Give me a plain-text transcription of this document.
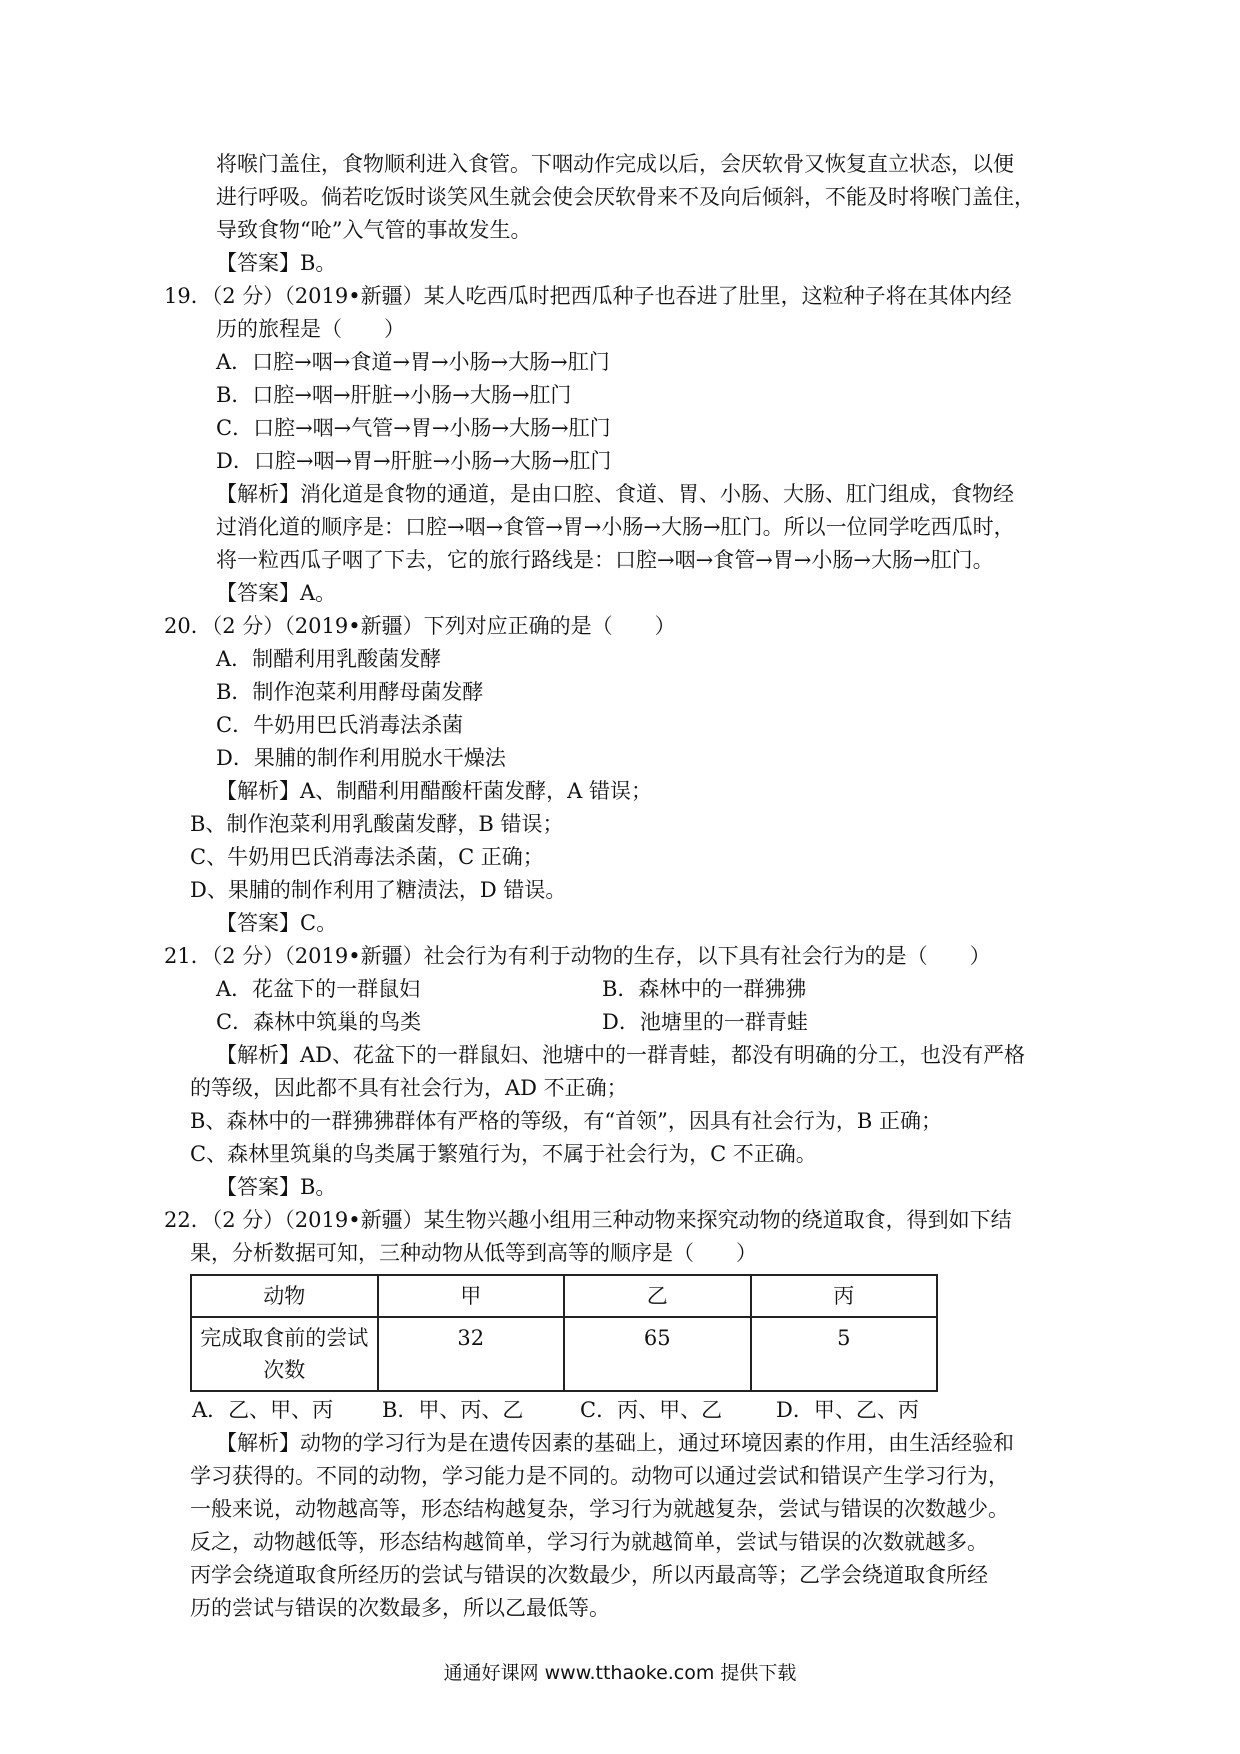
将喉门盖住，食物顺利进入食管。下咽动作完成以后，会厌软骨又恢复直立状态，以便
进行呼吸。倘若吃饭时谈笑风生就会使会厌软骨来不及向后倾斜，不能及时将喉门盖住，
导致食物“呛”入气管的事故发生。
【答案】B。
19．（2 分）（2019•新疆）某人吃西瓜时把西瓜种子也吞进了肚里，这粒种子将在其体内经
历的旅程是（　　）
A．口腔→咽→食道→胃→小肠→大肠→肛门
B．口腔→咽→肝脏→小肠→大肠→肛门
C．口腔→咽→气管→胃→小肠→大肠→肛门
D．口腔→咽→胃→肝脏→小肠→大肠→肛门
【解析】消化道是食物的通道，是由口腔、食道、胃、小肠、大肠、肛门组成，食物经
过消化道的顺序是：口腔→咽→食管→胃→小肠→大肠→肛门。所以一位同学吃西瓜时，
将一粒西瓜子咽了下去，它的旅行路线是：口腔→咽→食管→胃→小肠→大肠→肛门。
【答案】A。
20．（2 分）（2019•新疆）下列对应正确的是（　　）
A．制醋利用乳酸菌发酵
B．制作泡菜利用酵母菌发酵
C．牛奶用巴氏消毒法杀菌
D．果脯的制作利用脱水干燥法
【解析】A、制醋利用醋酸杆菌发酵，A 错误；
B、制作泡菜利用乳酸菌发酵，B 错误；
C、牛奶用巴氏消毒法杀菌，C 正确；
D、果脯的制作利用了糖渍法，D 错误。
【答案】C。
21．（2 分）（2019•新疆）社会行为有利于动物的生存，以下具有社会行为的是（　　）
A．花盆下的一群鼠妇	B．森林中的一群狒狒
C．森林中筑巢的鸟类	D．池塘里的一群青蛙
【解析】AD、花盆下的一群鼠妇、池塘中的一群青蛙，都没有明确的分工，也没有严格
的等级，因此都不具有社会行为，AD 不正确；
B、森林中的一群狒狒群体有严格的等级，有“首领”，因具有社会行为，B 正确；
C、森林里筑巢的鸟类属于繁殖行为，不属于社会行为，C 不正确。
【答案】B。
22．（2 分）（2019•新疆）某生物兴趣小组用三种动物来探究动物的绕道取食，得到如下结
果，分析数据可知，三种动物从低等到高等的顺序是（　　）
动物	甲	乙	丙
完成取食前的尝试次数	32	65	5
A．乙、甲、丙	B．甲、丙、乙	C．丙、甲、乙	D．甲、乙、丙
【解析】动物的学习行为是在遗传因素的基础上，通过环境因素的作用，由生活经验和
学习获得的。不同的动物，学习能力是不同的。动物可以通过尝试和错误产生学习行为，
一般来说，动物越高等，形态结构越复杂，学习行为就越复杂，尝试与错误的次数越少。
反之，动物越低等，形态结构越简单，学习行为就越简单，尝试与错误的次数就越多。
丙学会绕道取食所经历的尝试与错误的次数最少，所以丙最高等；乙学会绕道取食所经
历的尝试与错误的次数最多，所以乙最低等。
通通好课网 www.tthaoke.com 提供下载
